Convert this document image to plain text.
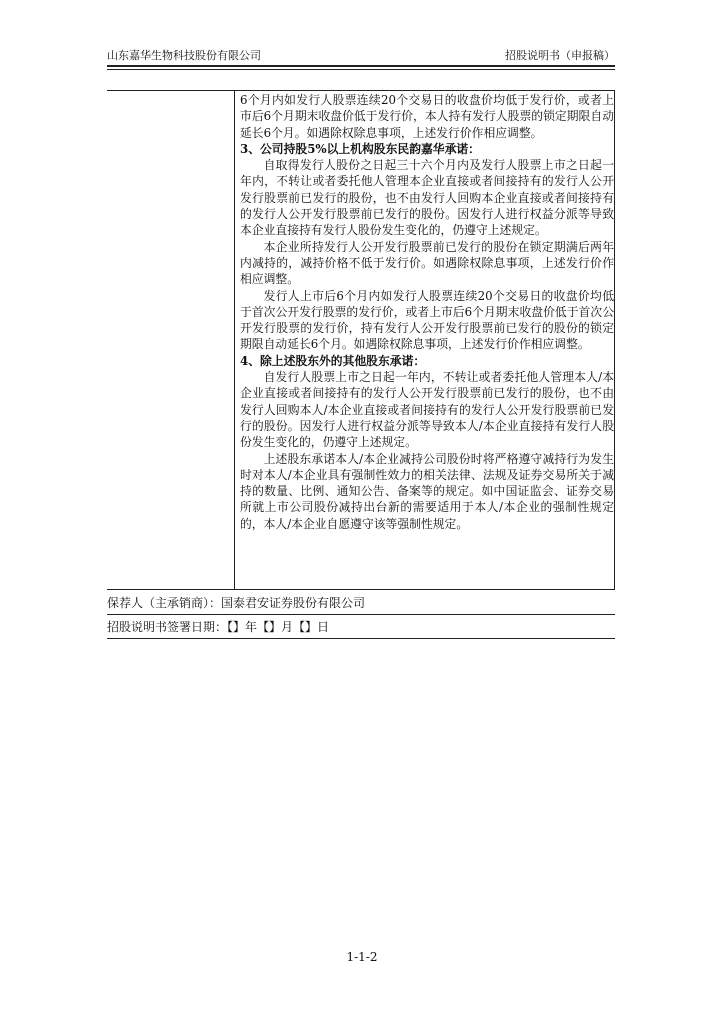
山东嘉华生物科技股份有限公司	招股说明书（申报稿）

6个月内如发行人股票连续20个交易日的收盘价均低于发行价，或者上市后6个月期末收盘价低于发行价，本人持有发行人股票的锁定期限自动延长6个月。如遇除权除息事项，上述发行价作相应调整。

3、公司持股5%以上机构股东民韵嘉华承诺：

自取得发行人股份之日起三十六个月内及发行人股票上市之日起一年内，不转让或者委托他人管理本企业直接或者间接持有的发行人公开发行股票前已发行的股份，也不由发行人回购本企业直接或者间接持有的发行人公开发行股票前已发行的股份。因发行人进行权益分派等导致本企业直接持有发行人股份发生变化的，仍遵守上述规定。

本企业所持发行人公开发行股票前已发行的股份在锁定期满后两年内减持的，减持价格不低于发行价。如遇除权除息事项，上述发行价作相应调整。

发行人上市后6个月内如发行人股票连续20个交易日的收盘价均低于首次公开发行股票的发行价，或者上市后6个月期末收盘价低于首次公开发行股票的发行价，持有发行人公开发行股票前已发行的股份的锁定期限自动延长6个月。如遇除权除息事项，上述发行价作相应调整。

4、除上述股东外的其他股东承诺：

自发行人股票上市之日起一年内，不转让或者委托他人管理本人/本企业直接或者间接持有的发行人公开发行股票前已发行的股份，也不由发行人回购本人/本企业直接或者间接持有的发行人公开发行股票前已发行的股份。因发行人进行权益分派等导致本人/本企业直接持有发行人股份发生变化的，仍遵守上述规定。

上述股东承诺本人/本企业减持公司股份时将严格遵守减持行为发生时对本人/本企业具有强制性效力的相关法律、法规及证券交易所关于减持的数量、比例、通知公告、备案等的规定。如中国证监会、证券交易所就上市公司股份减持出台新的需要适用于本人/本企业的强制性规定的，本人/本企业自愿遵守该等强制性规定。

保荐人（主承销商）：国泰君安证券股份有限公司
招股说明书签署日期：【】年【】月【】日
1-1-2
